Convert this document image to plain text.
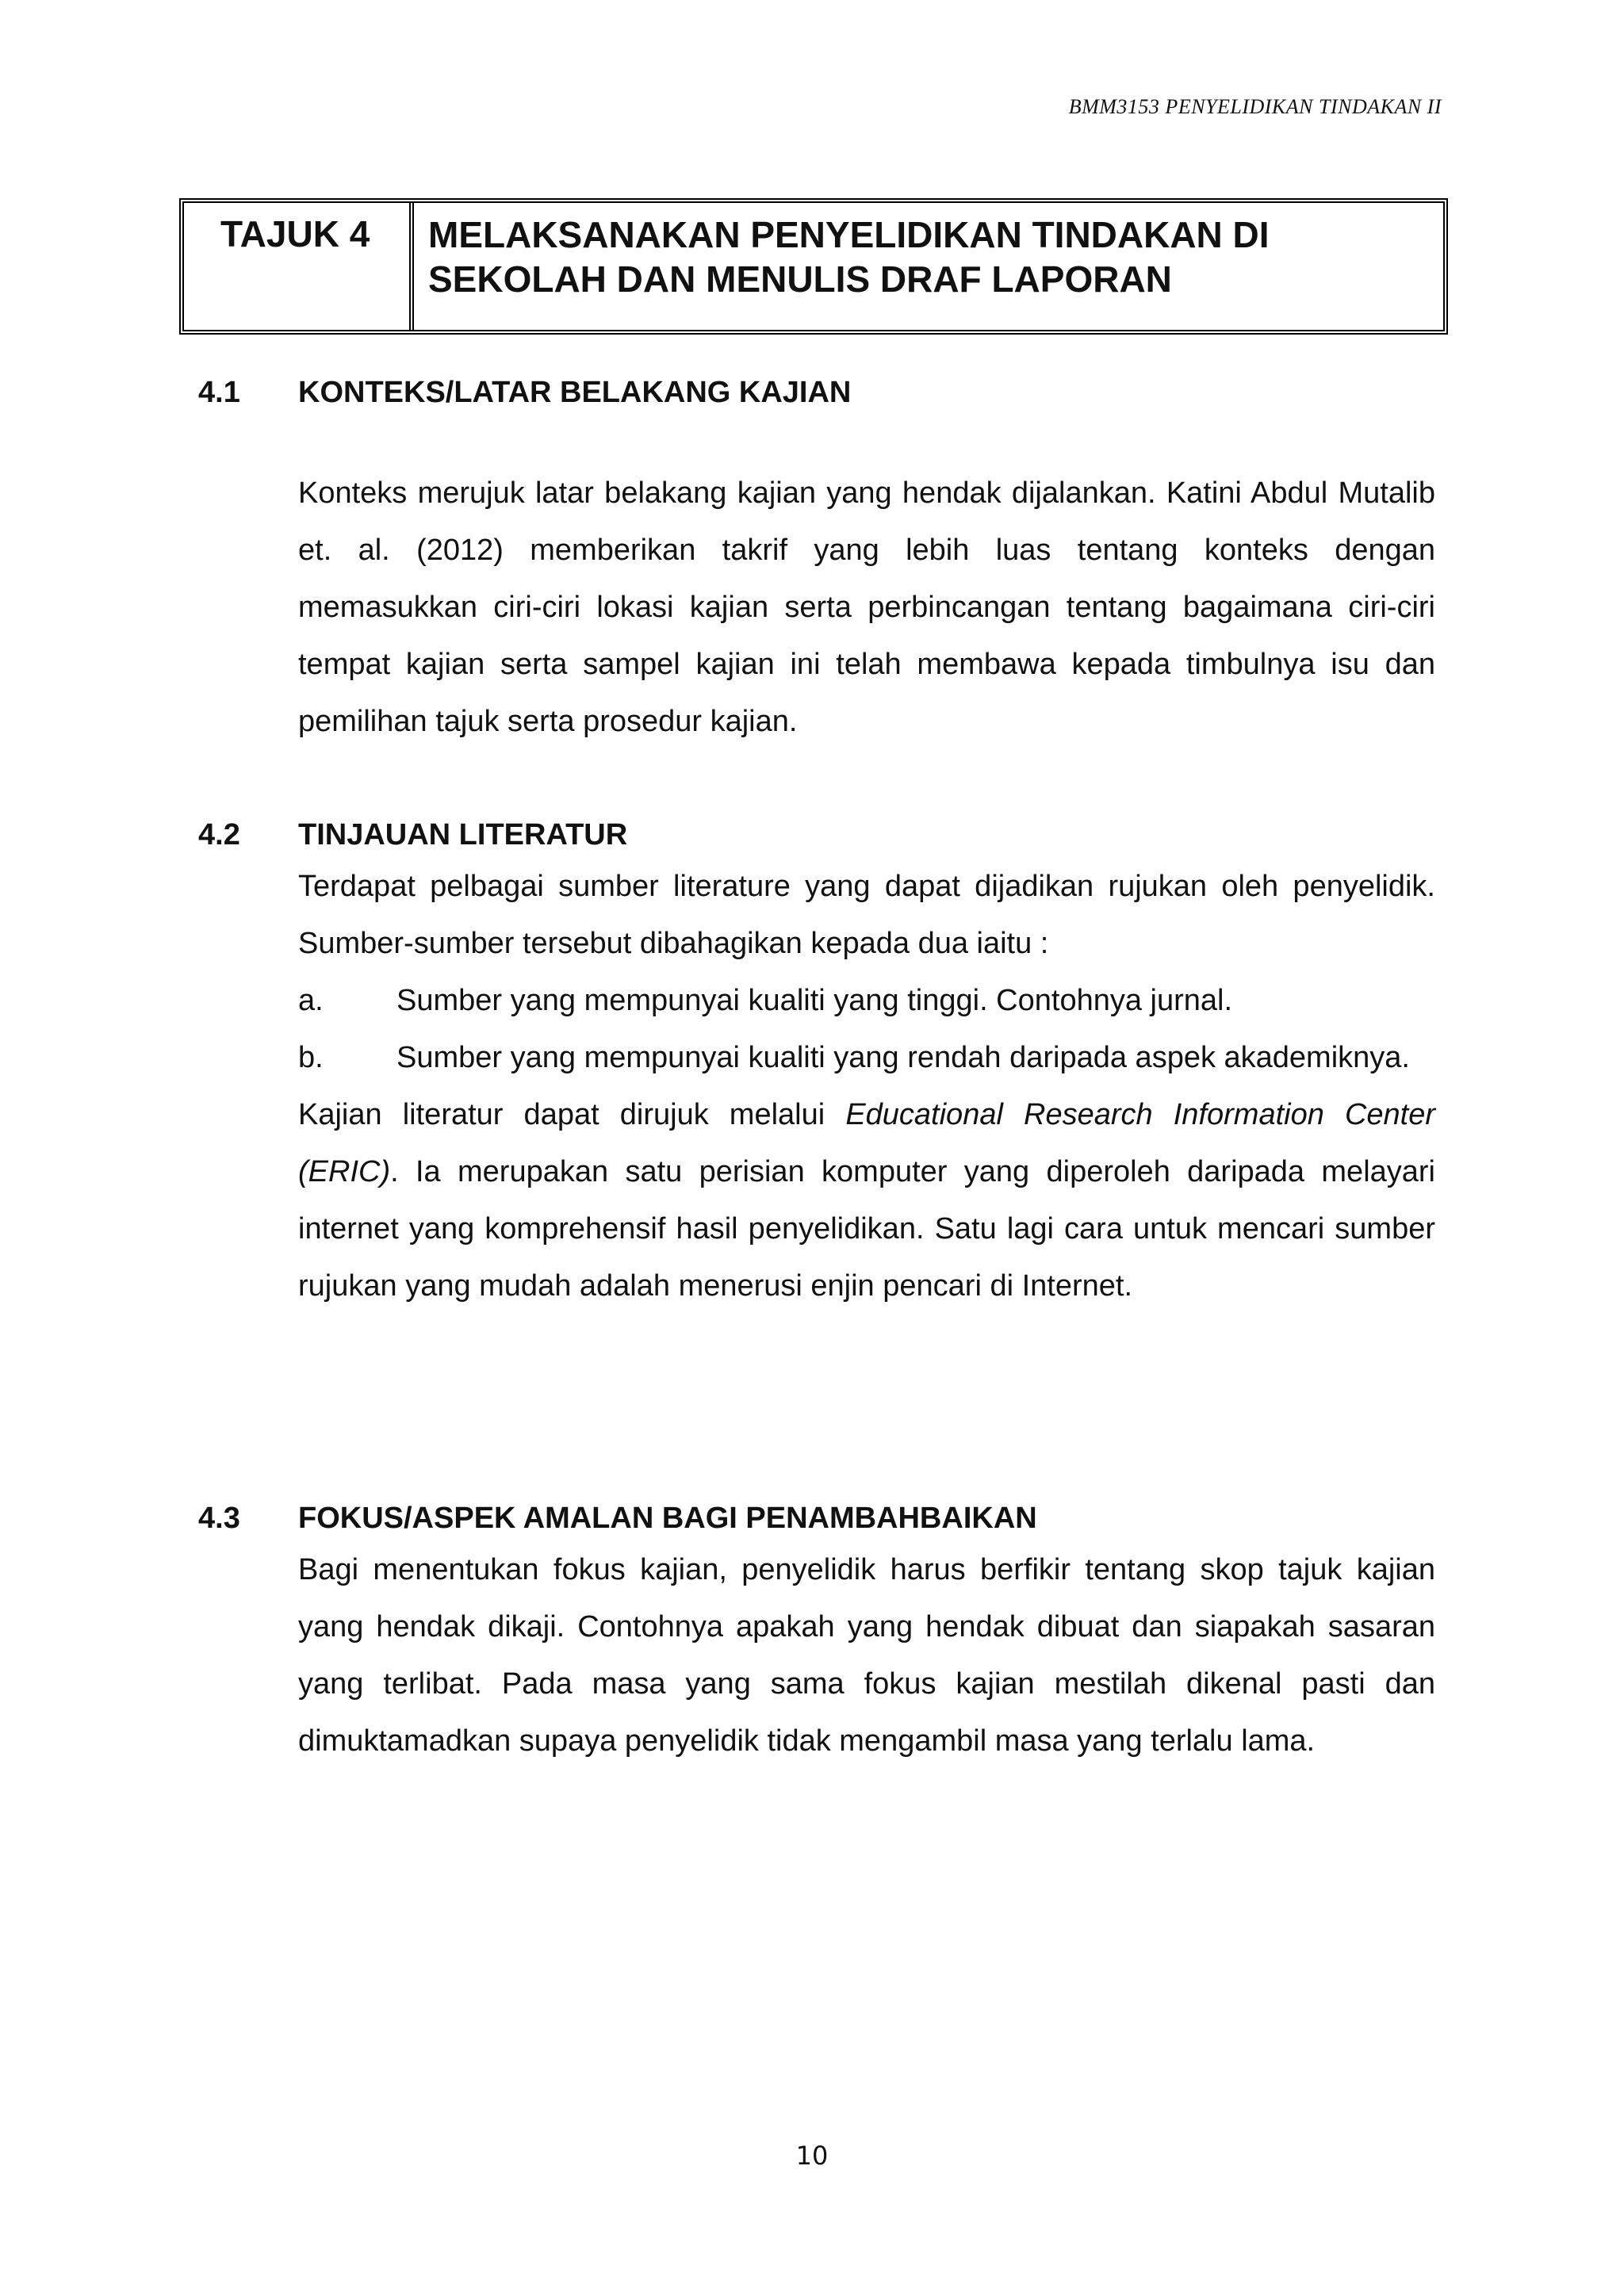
BMM3153 PENYELIDIKAN TINDAKAN II
TAJUK 4	MELAKSANAKAN PENYELIDIKAN TINDAKAN DI
SEKOLAH DAN MENULIS DRAF LAPORAN
4.1	KONTEKS/LATAR BELAKANG KAJIAN
Konteks merujuk latar belakang kajian yang hendak dijalankan. Katini Abdul Mutalib et. al. (2012) memberikan takrif yang lebih luas tentang konteks dengan memasukkan ciri-ciri lokasi kajian serta perbincangan tentang bagaimana ciri-ciri tempat kajian serta sampel kajian ini telah membawa kepada timbulnya isu dan pemilihan tajuk serta prosedur kajian.
4.2	TINJAUAN LITERATUR
Terdapat pelbagai sumber literature yang dapat dijadikan rujukan oleh penyelidik. Sumber-sumber tersebut dibahagikan kepada dua iaitu :
a.	Sumber yang mempunyai kualiti yang tinggi. Contohnya jurnal.
b.	Sumber yang mempunyai kualiti yang rendah daripada aspek akademiknya.
Kajian literatur dapat dirujuk melalui Educational Research Information Center (ERIC). Ia merupakan satu perisian komputer yang diperoleh daripada melayari internet yang komprehensif hasil penyelidikan. Satu lagi cara untuk mencari sumber rujukan yang mudah adalah menerusi enjin pencari di Internet.
4.3	FOKUS/ASPEK AMALAN BAGI PENAMBAHBAIKAN
Bagi menentukan fokus kajian, penyelidik harus berfikir tentang skop tajuk kajian yang hendak dikaji. Contohnya apakah yang hendak dibuat dan siapakah sasaran yang terlibat. Pada masa yang sama fokus kajian mestilah dikenal pasti dan dimuktamadkan supaya penyelidik tidak mengambil masa yang terlalu lama.
10
